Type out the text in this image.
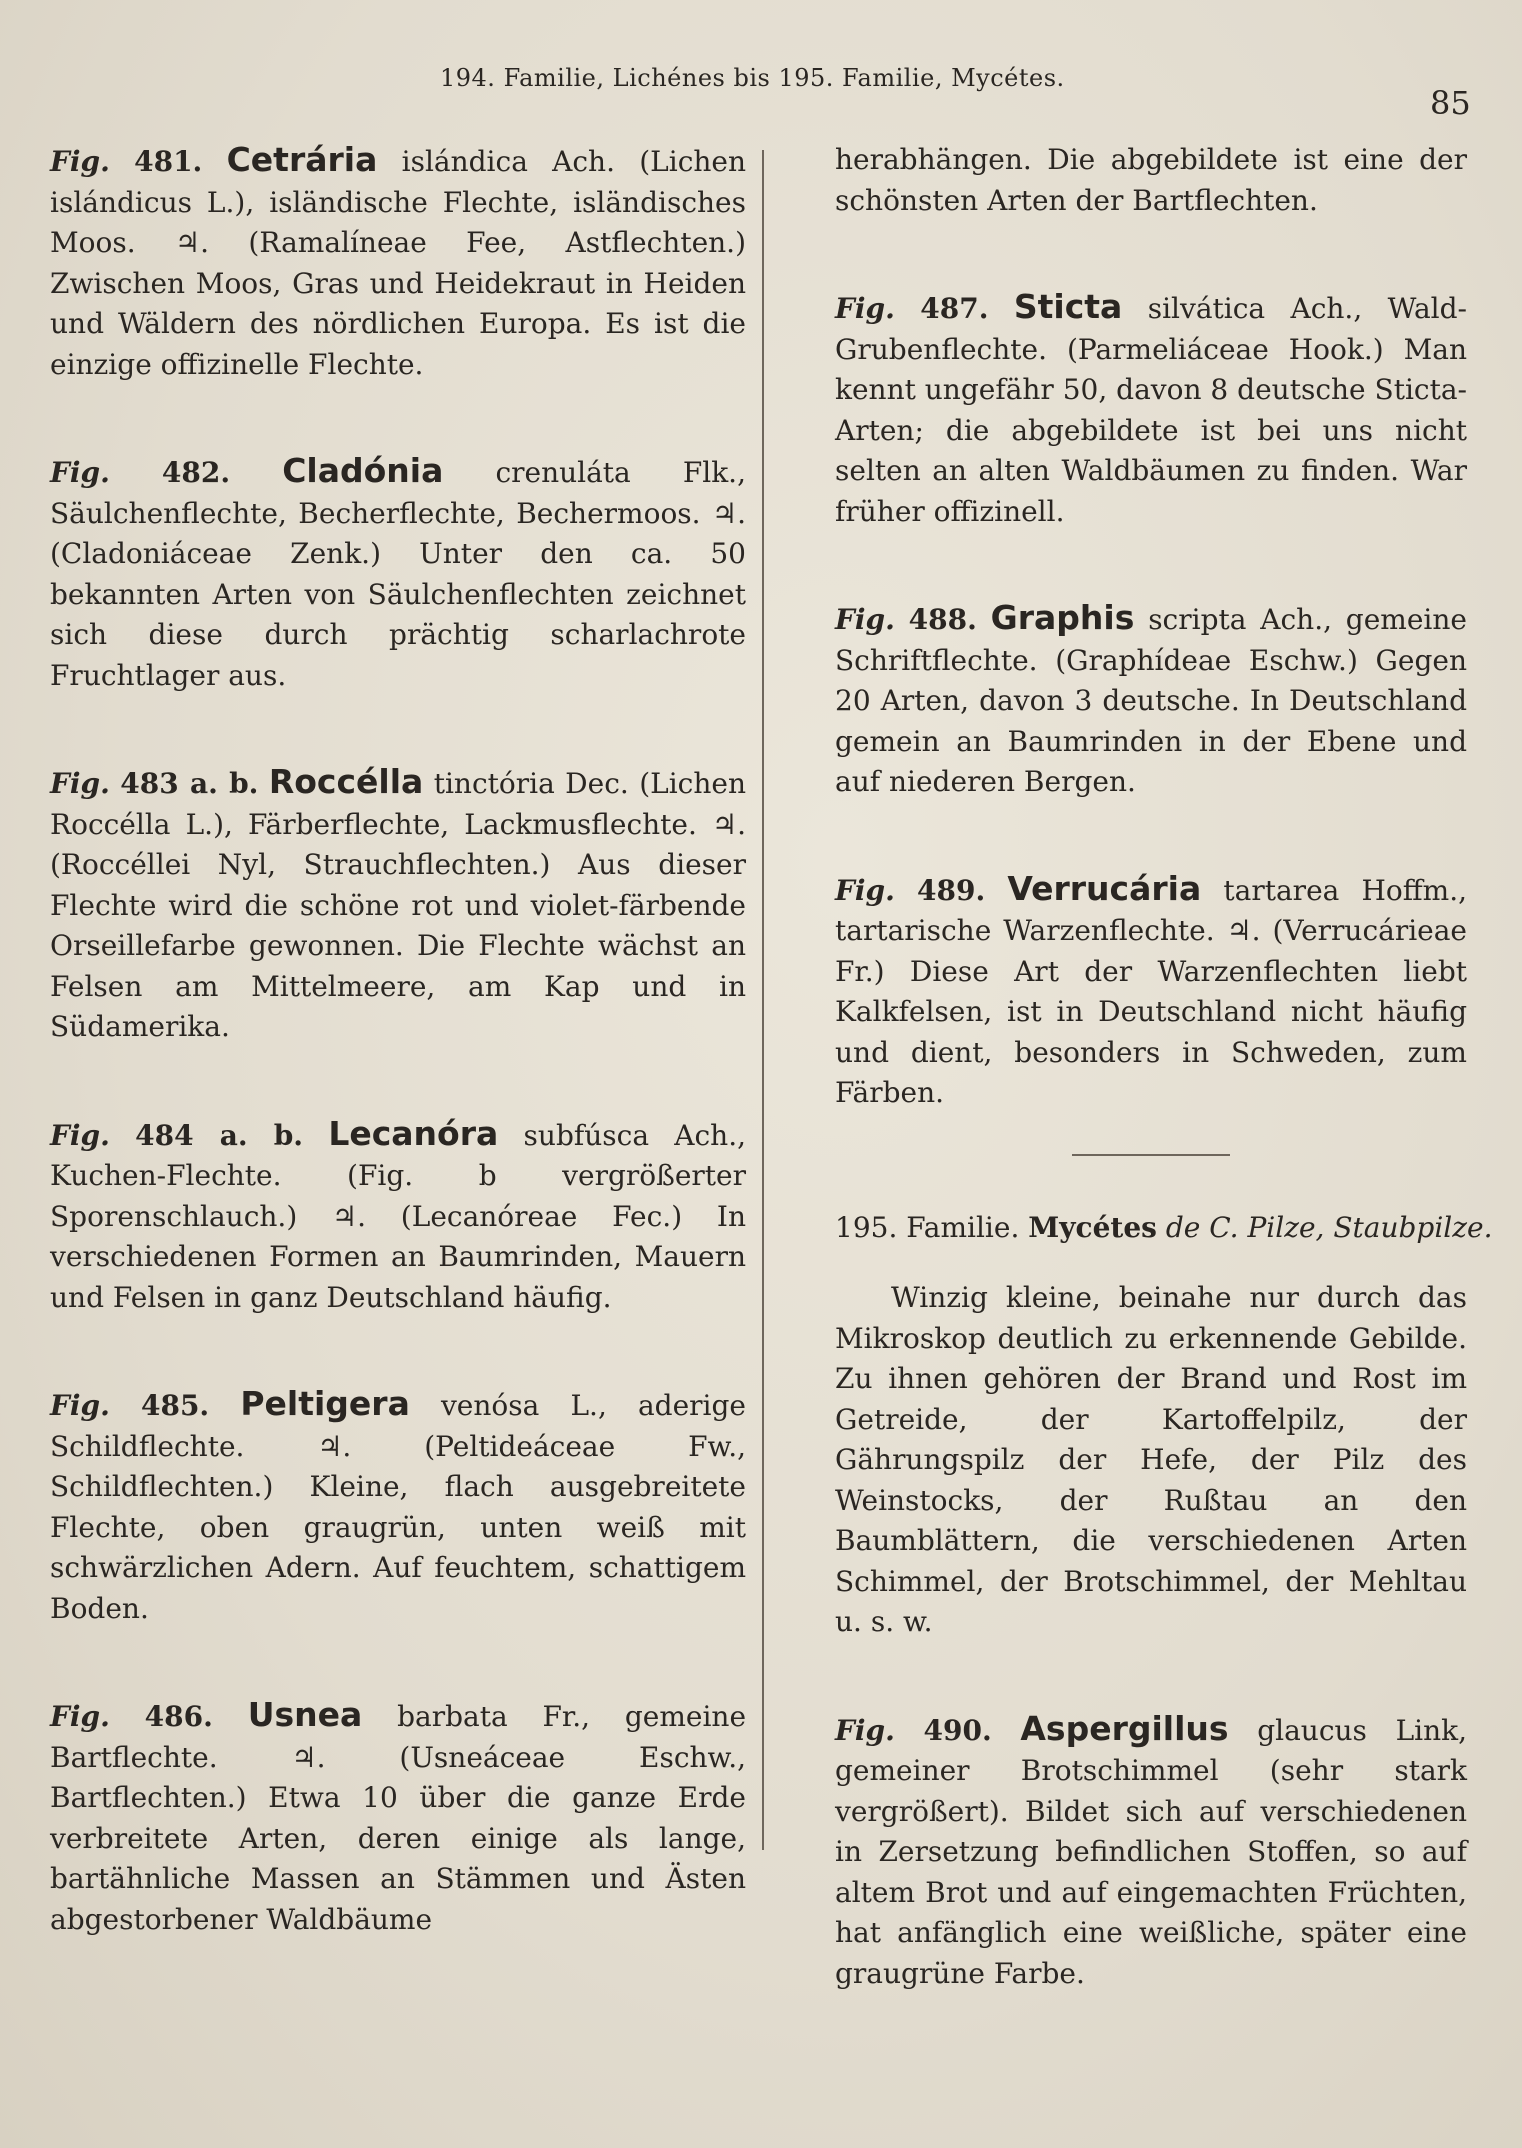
194. Familie, Lichénes bis 195. Familie, Mycétes.
85

Fig. 481. Cetrária islándica Ach. (Lichen islándicus L.), isländische Flechte, isländisches Moos. ♃. (Ramalíneae Fee, Astflechten.) Zwischen Moos, Gras und Heidekraut in Heiden und Wäldern des nördlichen Europa. Es ist die einzige offizinelle Flechte.

Fig. 482. Cladónia crenuláta Flk., Säulchenflechte, Becherflechte, Bechermoos. ♃. (Cladoniáceae Zenk.) Unter den ca. 50 bekannten Arten von Säulchenflechten zeichnet sich diese durch prächtig scharlachrote Fruchtlager aus.

Fig. 483 a. b. Roccélla tinctória Dec. (Lichen Roccélla L.), Färberflechte, Lackmusflechte. ♃. (Roccéllei Nyl, Strauchflechten.) Aus dieser Flechte wird die schöne rot und violet-färbende Orseillefarbe gewonnen. Die Flechte wächst an Felsen am Mittelmeere, am Kap und in Südamerika.

Fig. 484 a. b. Lecanóra subfúsca Ach., Kuchen-Flechte. (Fig. b vergrößerter Sporenschlauch.) ♃. (Lecanóreae Fec.) In verschiedenen Formen an Baumrinden, Mauern und Felsen in ganz Deutschland häufig.

Fig. 485. Peltigera venósa L., aderige Schildflechte. ♃. (Peltideáceae Fw., Schildflechten.) Kleine, flach ausgebreitete Flechte, oben graugrün, unten weiß mit schwärzlichen Adern. Auf feuchtem, schattigem Boden.

Fig. 486. Usnea barbata Fr., gemeine Bartflechte. ♃. (Usneáceae Eschw., Bartflechten.) Etwa 10 über die ganze Erde verbreitete Arten, deren einige als lange, bartähnliche Massen an Stämmen und Ästen abgestorbener Waldbäume

herabhängen. Die abgebildete ist eine der schönsten Arten der Bartflechten.

Fig. 487. Sticta silvática Ach., Wald-Grubenflechte. (Parmeliáceae Hook.) Man kennt ungefähr 50, davon 8 deutsche Sticta-Arten; die abgebildete ist bei uns nicht selten an alten Waldbäumen zu finden. War früher offizinell.

Fig. 488. Graphis scripta Ach., gemeine Schriftflechte. (Graphídeae Eschw.) Gegen 20 Arten, davon 3 deutsche. In Deutschland gemein an Baumrinden in der Ebene und auf niederen Bergen.

Fig. 489. Verrucária tartarea Hoffm., tartarische Warzenflechte. ♃. (Verrucárieae Fr.) Diese Art der Warzenflechten liebt Kalkfelsen, ist in Deutschland nicht häufig und dient, besonders in Schweden, zum Färben.

195. Familie. Mycétes de C. Pilze, Staubpilze.

Winzig kleine, beinahe nur durch das Mikroskop deutlich zu erkennende Gebilde. Zu ihnen gehören der Brand und Rost im Getreide, der Kartoffelpilz, der Gährungspilz der Hefe, der Pilz des Weinstocks, der Rußtau an den Baumblättern, die verschiedenen Arten Schimmel, der Brotschimmel, der Mehltau u. s. w.

Fig. 490. Aspergillus glaucus Link, gemeiner Brotschimmel (sehr stark vergrößert). Bildet sich auf verschiedenen in Zersetzung befindlichen Stoffen, so auf altem Brot und auf eingemachten Früchten, hat anfänglich eine weißliche, später eine graugrüne Farbe.
